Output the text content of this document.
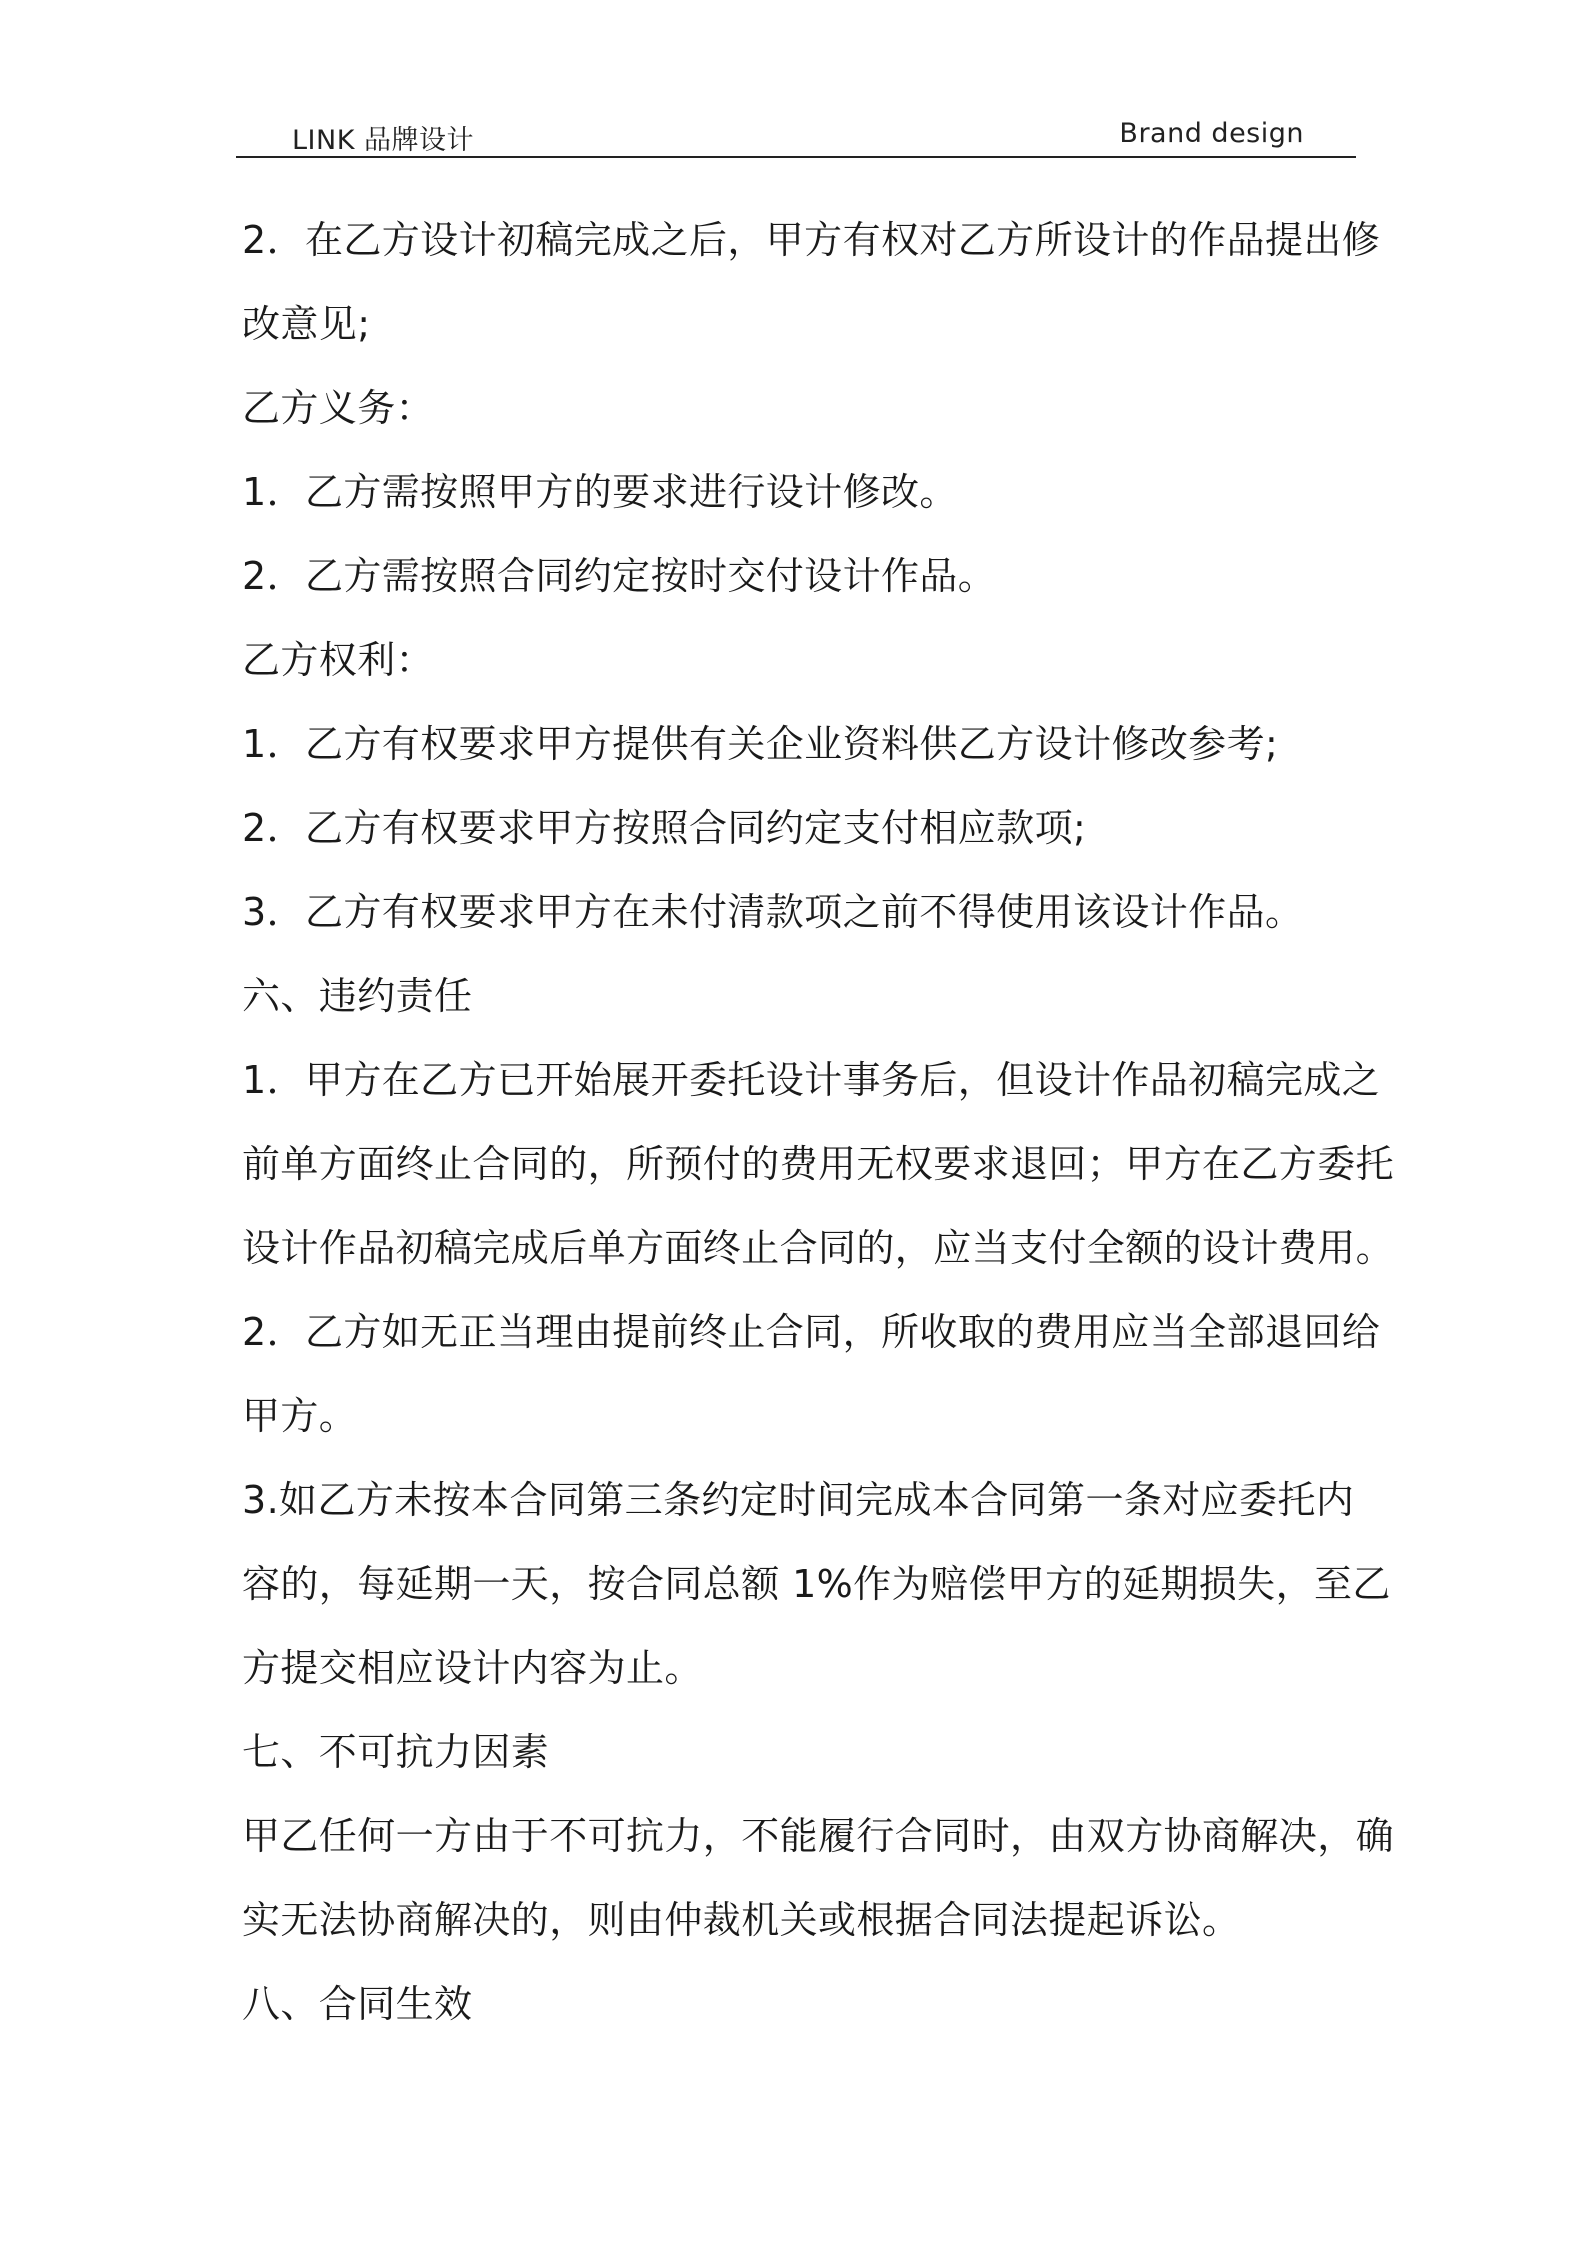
LINK 品牌设计	Brand design
2．在乙方设计初稿完成之后，甲方有权对乙方所设计的作品提出修
改意见;
乙方义务：
1．乙方需按照甲方的要求进行设计修改。
2．乙方需按照合同约定按时交付设计作品。
乙方权利：
1．乙方有权要求甲方提供有关企业资料供乙方设计修改参考;
2．乙方有权要求甲方按照合同约定支付相应款项;
3．乙方有权要求甲方在未付清款项之前不得使用该设计作品。
六、违约责任
1．甲方在乙方已开始展开委托设计事务后，但设计作品初稿完成之
前单方面终止合同的，所预付的费用无权要求退回；甲方在乙方委托
设计作品初稿完成后单方面终止合同的，应当支付全额的设计费用。
2．乙方如无正当理由提前终止合同，所收取的费用应当全部退回给
甲方。
3.如乙方未按本合同第三条约定时间完成本合同第一条对应委托内
容的，每延期一天，按合同总额 1%作为赔偿甲方的延期损失，至乙
方提交相应设计内容为止。
七、不可抗力因素
甲乙任何一方由于不可抗力，不能履行合同时，由双方协商解决，确
实无法协商解决的，则由仲裁机关或根据合同法提起诉讼。
八、合同生效
